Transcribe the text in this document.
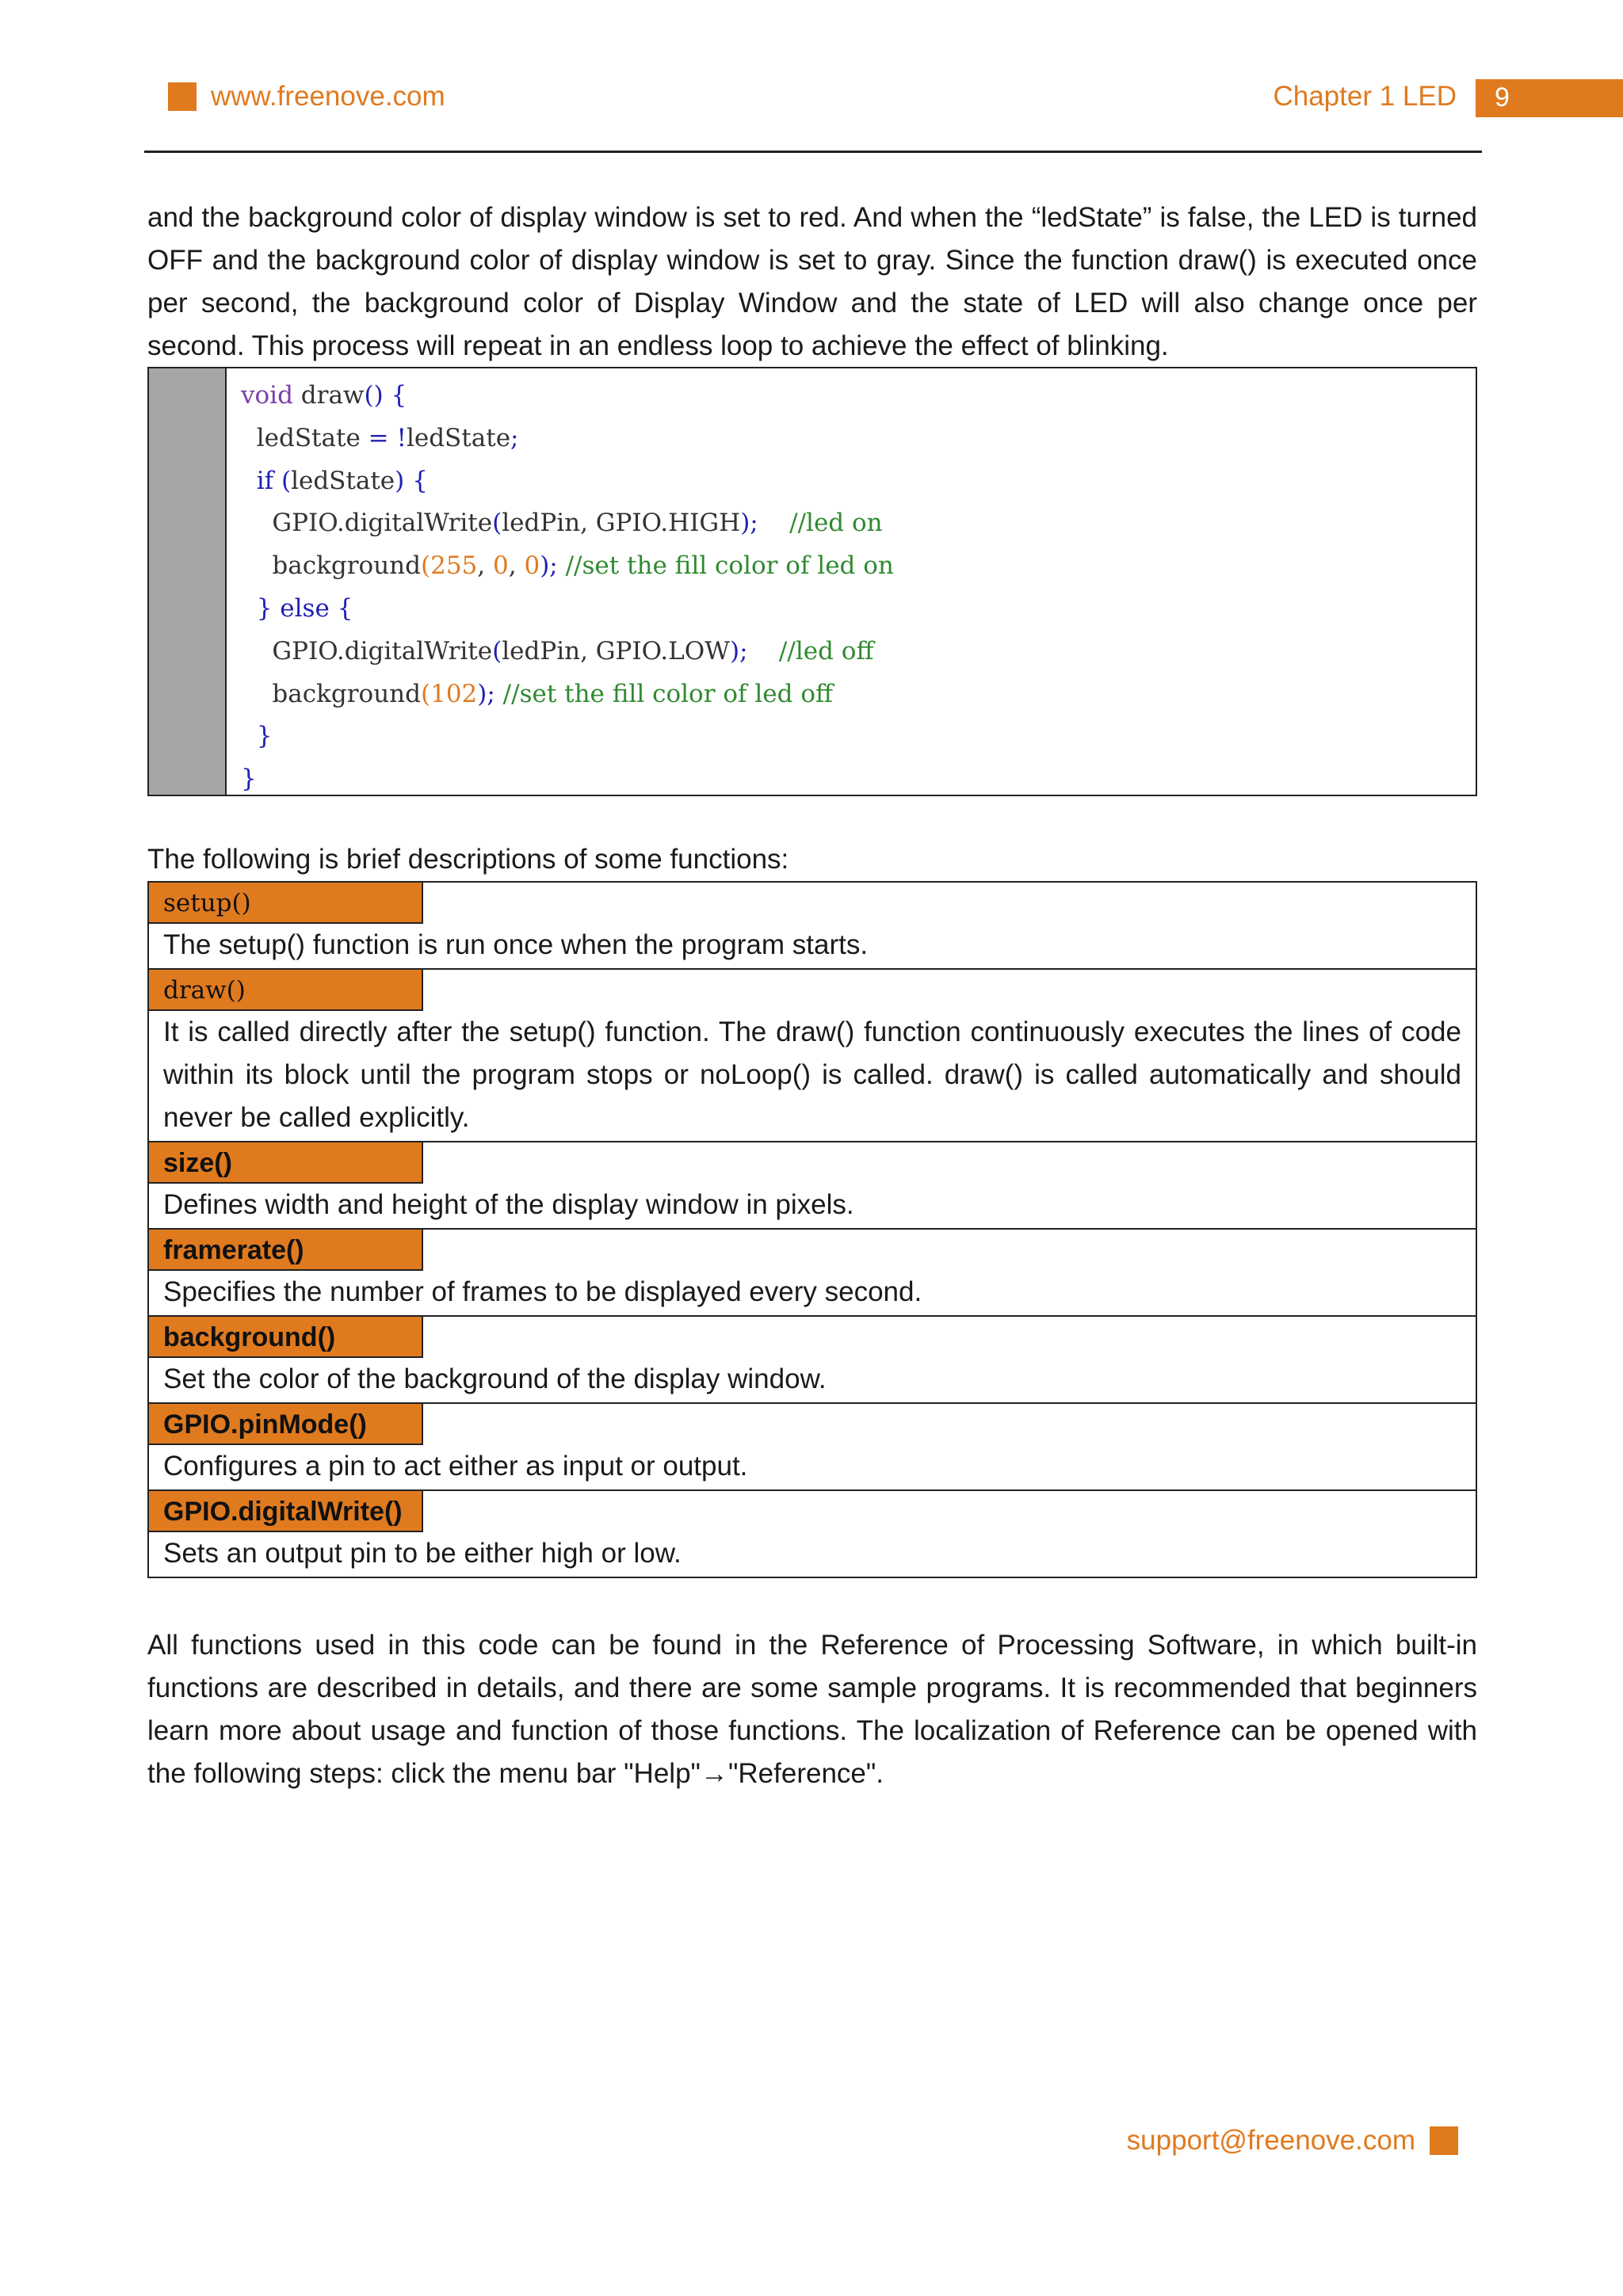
www.freenove.com	Chapter 1 LED 9
and the background color of display window is set to red. And when the “ledState” is false, the LED is turned OFF and the background color of display window is set to gray. Since the function draw() is executed once per second, the background color of Display Window and the state of LED will also change once per second. This process will repeat in an endless loop to achieve the effect of blinking.
void draw() {
ledState = !ledState;
if (ledState) {
GPIO.digitalWrite(ledPin, GPIO.HIGH);    //led on
background(255, 0, 0); //set the fill color of led on
} else {
GPIO.digitalWrite(ledPin, GPIO.LOW);    //led off
background(102); //set the fill color of led off
}
}
The following is brief descriptions of some functions:
setup()
The setup() function is run once when the program starts.
draw()
It is called directly after the setup() function. The draw() function continuously executes the lines of code within its block until the program stops or noLoop() is called. draw() is called automatically and should never be called explicitly.
size()
Defines width and height of the display window in pixels.
framerate()
Specifies the number of frames to be displayed every second.
background()
Set the color of the background of the display window.
GPIO.pinMode()
Configures a pin to act either as input or output.
GPIO.digitalWrite()
Sets an output pin to be either high or low.
All functions used in this code can be found in the Reference of Processing Software, in which built-in functions are described in details, and there are some sample programs. It is recommended that beginners learn more about usage and function of those functions. The localization of Reference can be opened with the following steps: click the menu bar "Help"→"Reference".
support@freenove.com
